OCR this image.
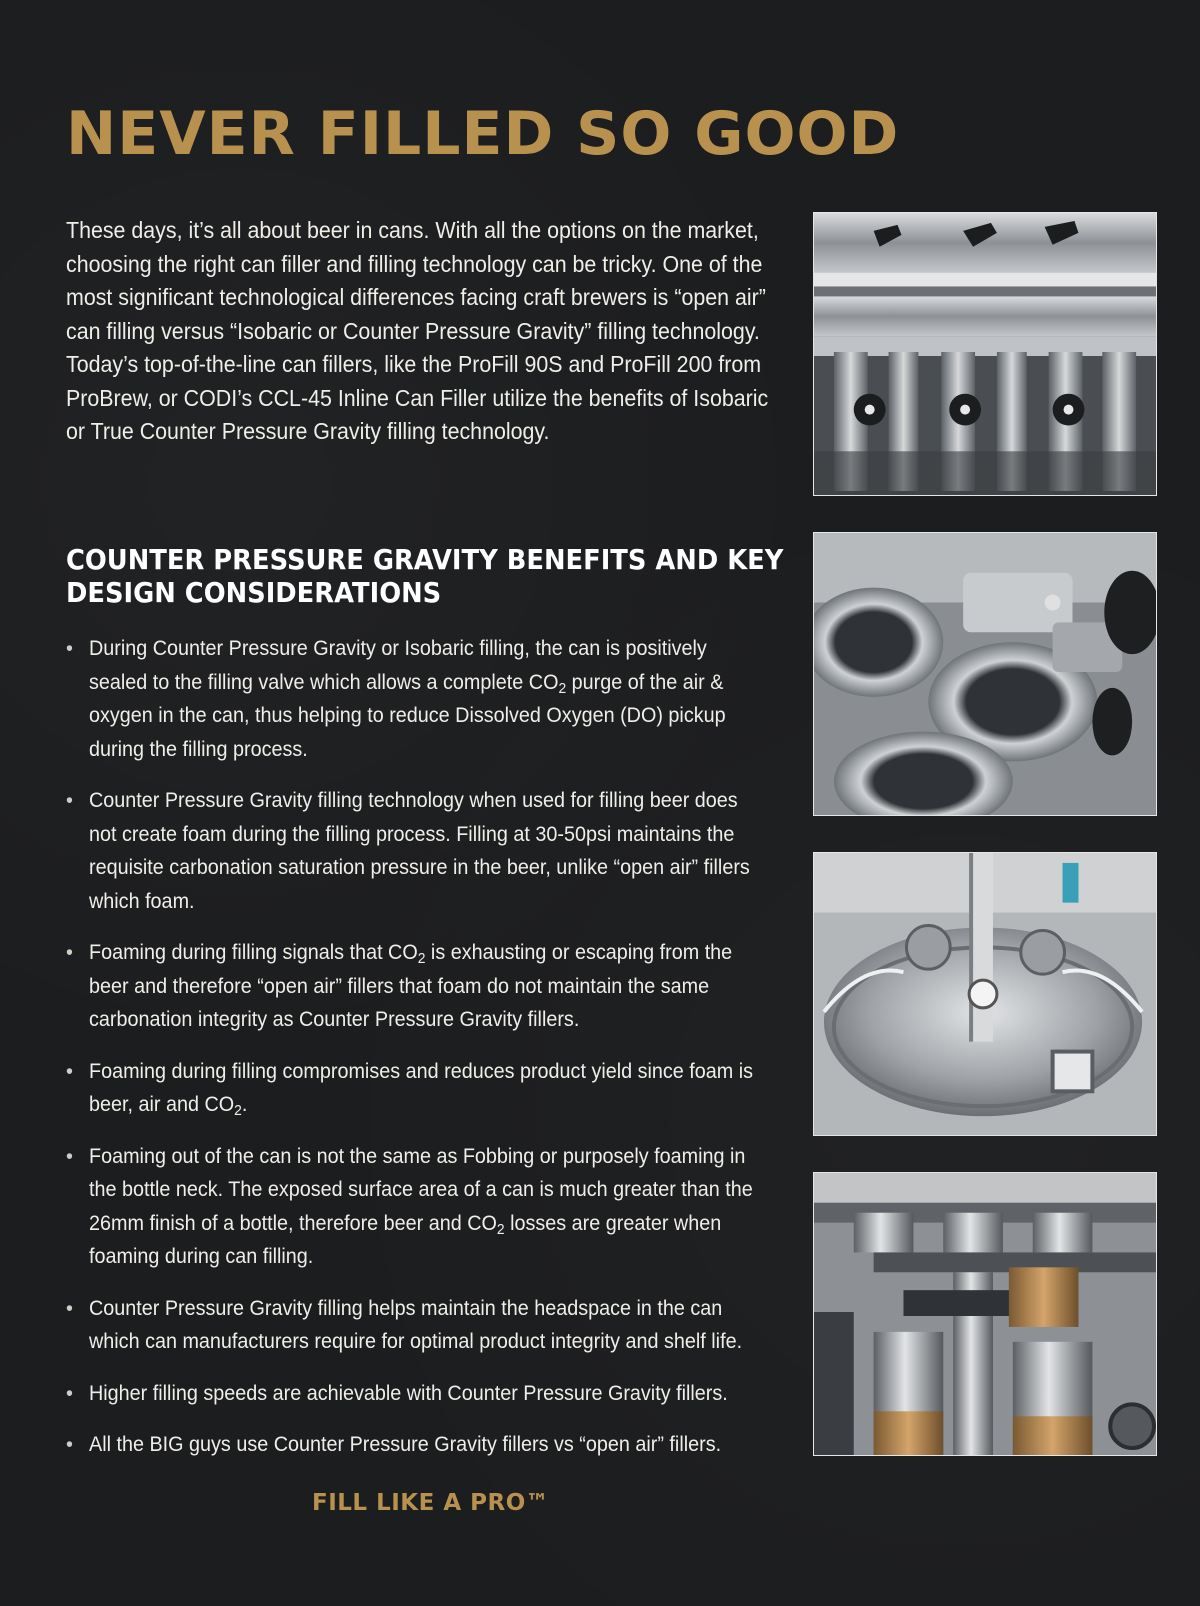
NEVER FILLED SO GOOD

These days, it’s all about beer in cans. With all the options on the market, choosing the right can filler and filling technology can be tricky. One of the most significant technological differences facing craft brewers is “open air” can filling versus “Isobaric or Counter Pressure Gravity” filling technology. Today’s top-of-the-line can fillers, like the ProFill 90S and ProFill 200 from ProBrew, or CODI’s CCL-45 Inline Can Filler utilize the benefits of Isobaric or True Counter Pressure Gravity filling technology.

COUNTER PRESSURE GRAVITY BENEFITS AND KEY DESIGN CONSIDERATIONS
• During Counter Pressure Gravity or Isobaric filling, the can is positively sealed to the filling valve which allows a complete $CO_2$ purge of the air & oxygen in the can, thus helping to reduce Dissolved Oxygen (DO) pickup during the filling process.
• Counter Pressure Gravity filling technology when used for filling beer does not create foam during the filling process. Filling at 30-50psi maintains the requisite carbonation saturation pressure in the beer, unlike “open air” fillers which foam.
• Foaming during filling signals that $CO_2$ is exhausting or escaping from the beer and therefore “open air” fillers that foam do not maintain the same carbonation integrity as Counter Pressure Gravity fillers.
• Foaming during filling compromises and reduces product yield since foam is beer, air and $CO_2$.
• Foaming out of the can is not the same as Fobbing or purposely foaming in the bottle neck. The exposed surface area of a can is much greater than the 26mm finish of a bottle, therefore beer and $CO_2$ losses are greater when foaming during can filling.
• Counter Pressure Gravity filling helps maintain the headspace in the can which can manufacturers require for optimal product integrity and shelf life.
• Higher filling speeds are achievable with Counter Pressure Gravity fillers.
• All the BIG guys use Counter Pressure Gravity fillers vs “open air” fillers.
FILL LIKE A PRO™
